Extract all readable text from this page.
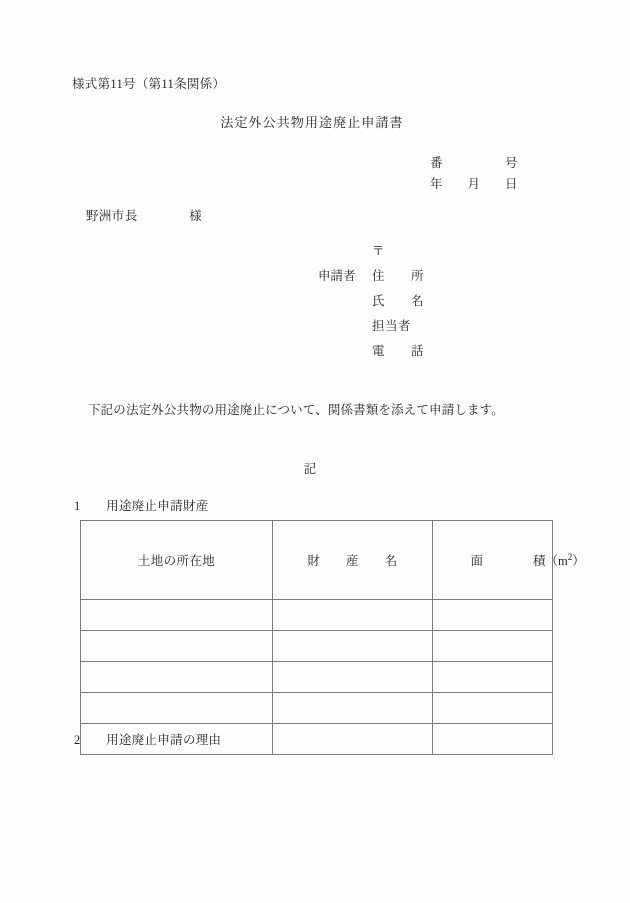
様式第11号（第11条関係）
法定外公共物用途廃止申請書
番　　　　　号
年　　月　　日
野洲市長　　　　様
〒
申請者	住　　所
氏　　名
担当者
電　　話
下記の法定外公共物の用途廃止について、関係書類を添えて申請します。
記
1　　用途廃止申請財産
土地の所在地	財　　産　　名	面　　　　積$(m^2)$

2　　用途廃止申請の理由
